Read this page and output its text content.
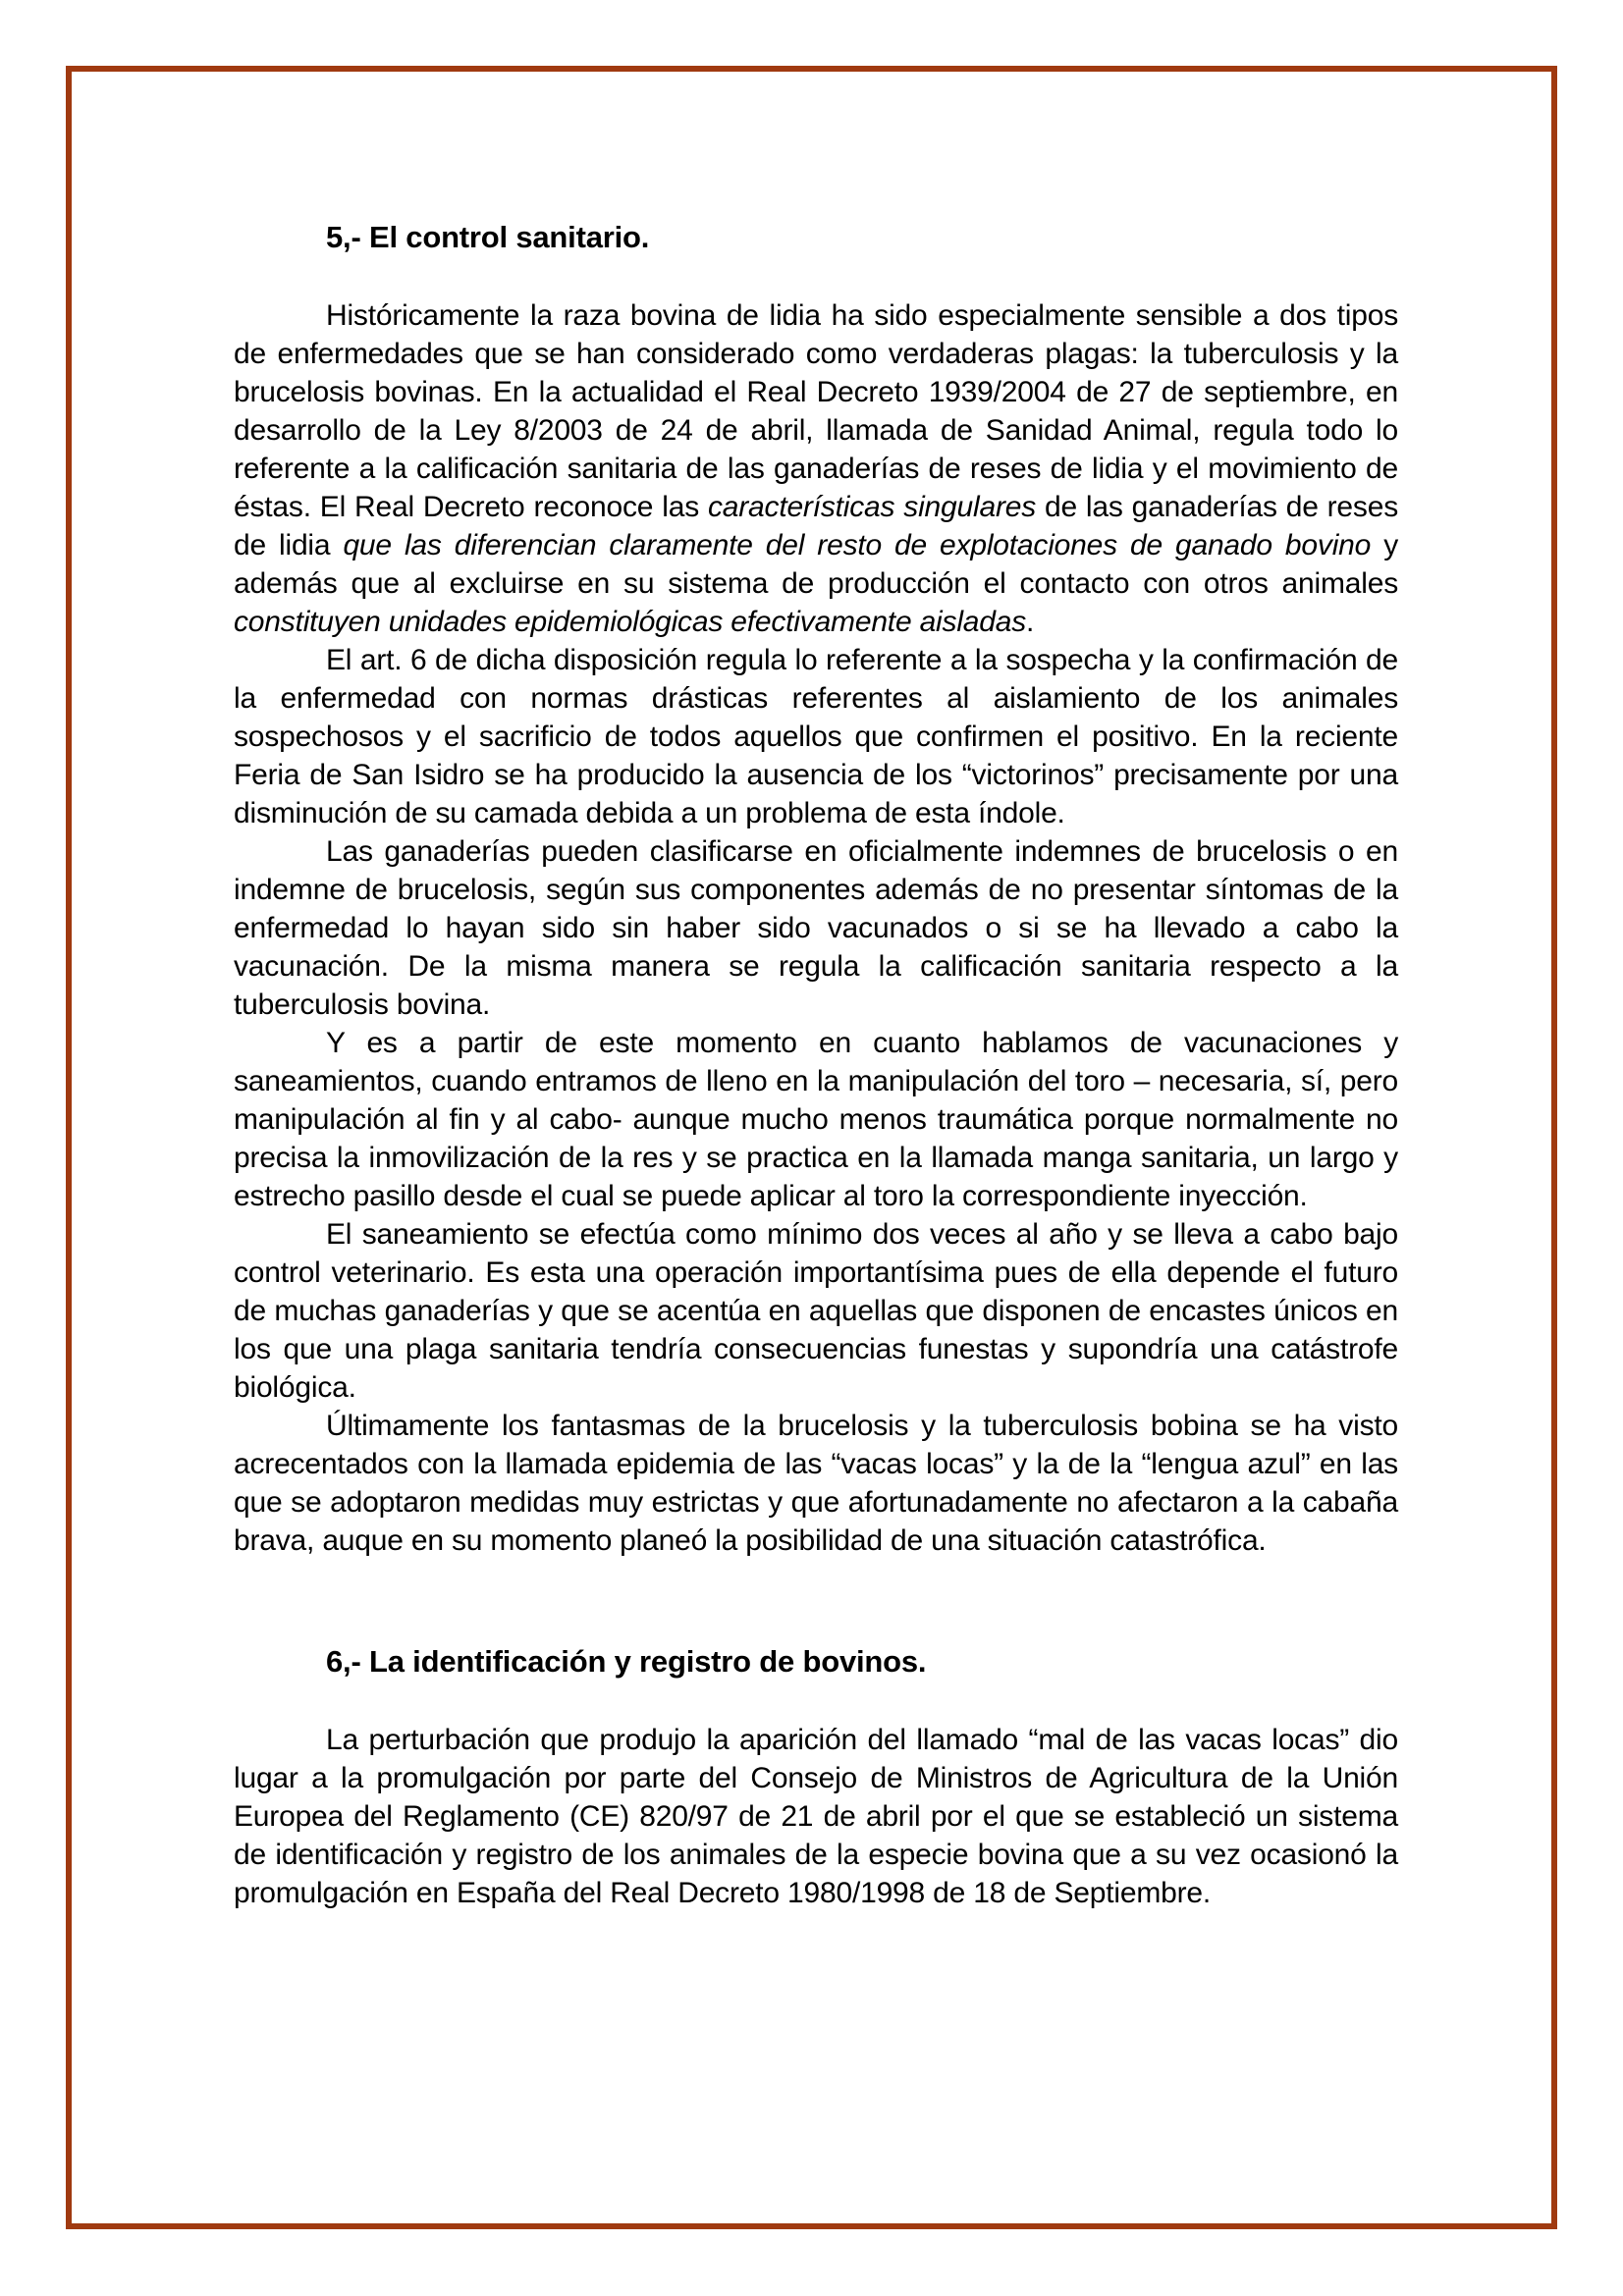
5,- El control sanitario.

Históricamente la raza bovina de lidia ha sido especialmente sensible a dos tipos de enfermedades que se han considerado como verdaderas plagas: la tuberculosis y la brucelosis bovinas. En la actualidad el Real Decreto 1939/2004 de 27 de septiembre, en desarrollo de la Ley 8/2003 de 24 de abril, llamada de Sanidad Animal, regula todo lo referente a la calificación sanitaria de las ganaderías de reses de lidia y el movimiento de éstas. El Real Decreto reconoce las características singulares de las ganaderías de reses de lidia que las diferencian claramente del resto de explotaciones de ganado bovino y además que al excluirse en su sistema de producción el contacto con otros animales constituyen unidades epidemiológicas efectivamente aisladas.

El art. 6 de dicha disposición regula lo referente a la sospecha y la confirmación de la enfermedad con normas drásticas referentes al aislamiento de los animales sospechosos y el sacrificio de todos aquellos que confirmen el positivo. En la reciente Feria de San Isidro se ha producido la ausencia de los “victorinos” precisamente por una disminución de su camada debida a un problema de esta índole.

Las ganaderías pueden clasificarse en oficialmente indemnes de brucelosis o en indemne de brucelosis, según sus componentes además de no presentar síntomas de la enfermedad lo hayan sido sin haber sido vacunados o si se ha llevado a cabo la vacunación. De la misma manera se regula la calificación sanitaria respecto a la tuberculosis bovina.

Y es a partir de este momento en cuanto hablamos de vacunaciones y saneamientos, cuando entramos de lleno en la manipulación del toro – necesaria, sí, pero manipulación al fin y al cabo- aunque mucho menos traumática porque normalmente no precisa la inmovilización de la res y se practica en la llamada manga sanitaria, un largo y estrecho pasillo desde el cual se puede aplicar al toro la correspondiente inyección.

El saneamiento se efectúa como mínimo dos veces al año y se lleva a cabo bajo control veterinario. Es esta una operación importantísima pues de ella depende el futuro de muchas ganaderías y que se acentúa en aquellas que disponen de encastes únicos en los que una plaga sanitaria tendría consecuencias funestas y supondría una catástrofe biológica.

Últimamente los fantasmas de la brucelosis y la tuberculosis bobina se ha visto acrecentados con la llamada epidemia de las “vacas locas” y la de la “lengua azul” en las que se adoptaron medidas muy estrictas y que afortunadamente no afectaron a la cabaña brava, auque en su momento planeó la posibilidad de una situación catastrófica.

6,- La identificación y registro de bovinos.

La perturbación que produjo la aparición del llamado “mal de las vacas locas” dio lugar a la promulgación por parte del Consejo de Ministros de Agricultura de la Unión Europea del Reglamento (CE) 820/97 de 21 de abril por el que se estableció un sistema de identificación y registro de los animales de la especie bovina que a su vez ocasionó la promulgación en España del Real Decreto 1980/1998 de 18 de Septiembre.
